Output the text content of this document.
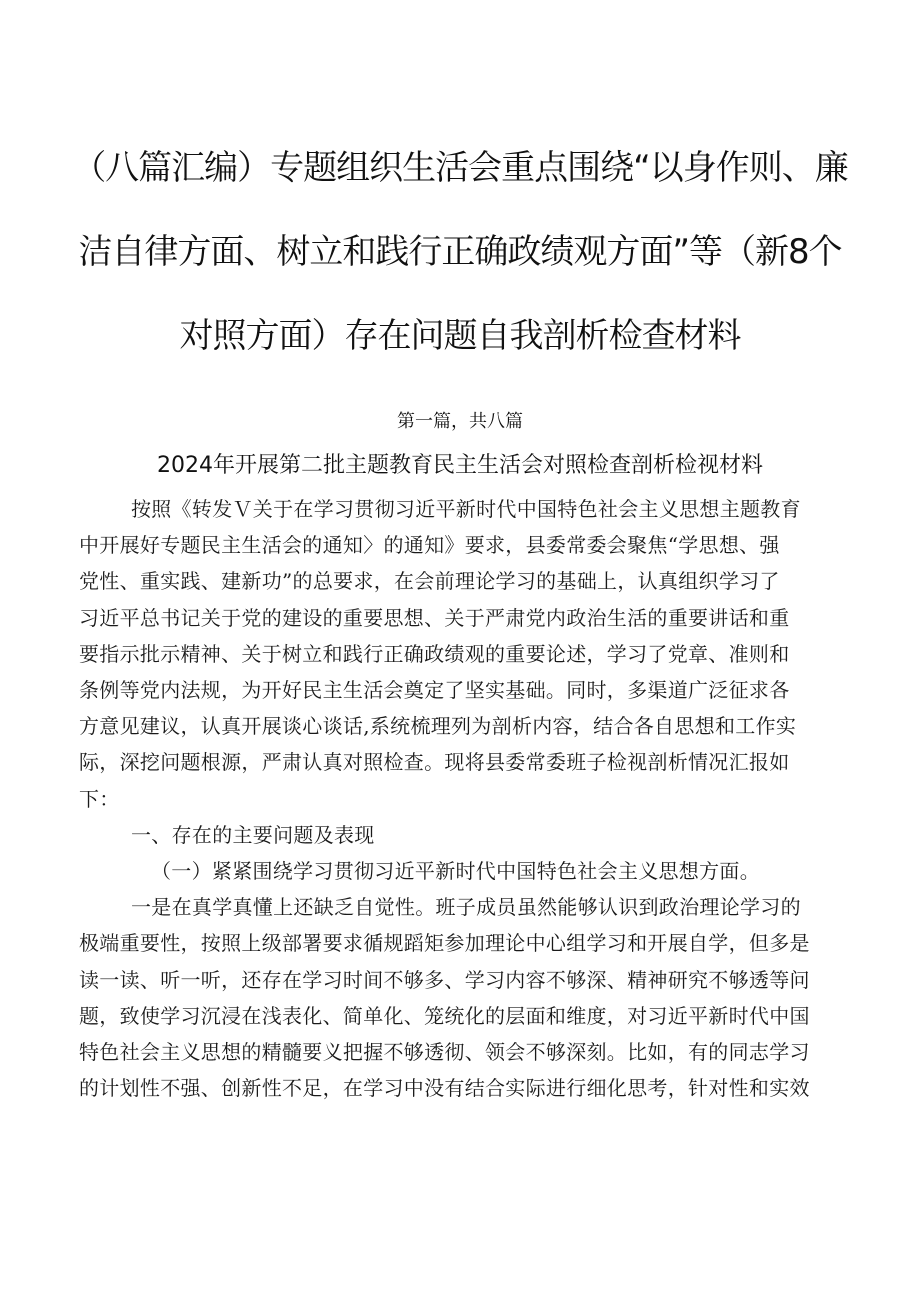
（八篇汇编）专题组织生活会重点围绕“以身作则、廉
洁自律方面、树立和践行正确政绩观方面”等（新8个
对照方面）存在问题自我剖析检查材料
第一篇，共八篇
2024年开展第二批主题教育民主生活会对照检查剖析检视材料

按照《转发Ｖ关于在学习贯彻习近平新时代中国特色社会主义思想主题教育
中开展好专题民主生活会的通知〉的通知》要求，县委常委会聚焦“学思想、强
党性、重实践、建新功”的总要求，在会前理论学习的基础上，认真组织学习了
习近平总书记关于党的建设的重要思想、关于严肃党内政治生活的重要讲话和重
要指示批示精神、关于树立和践行正确政绩观的重要论述，学习了党章、准则和
条例等党内法规，为开好民主生活会奠定了坚实基础。同时，多渠道广泛征求各
方意见建议，认真开展谈心谈话,系统梳理列为剖析内容，结合各自思想和工作实
际，深挖问题根源，严肃认真对照检查。现将县委常委班子检视剖析情况汇报如
下：

一、存在的主要问题及表现

（一）紧紧围绕学习贯彻习近平新时代中国特色社会主义思想方面。

一是在真学真懂上还缺乏自觉性。班子成员虽然能够认识到政治理论学习的
极端重要性，按照上级部署要求循规蹈矩参加理论中心组学习和开展自学，但多是
读一读、听一听，还存在学习时间不够多、学习内容不够深、精神研究不够透等问
题，致使学习沉浸在浅表化、简单化、笼统化的层面和维度，对习近平新时代中国
特色社会主义思想的精髓要义把握不够透彻、领会不够深刻。比如，有的同志学习
的计划性不强、创新性不足，在学习中没有结合实际进行细化思考，针对性和实效
